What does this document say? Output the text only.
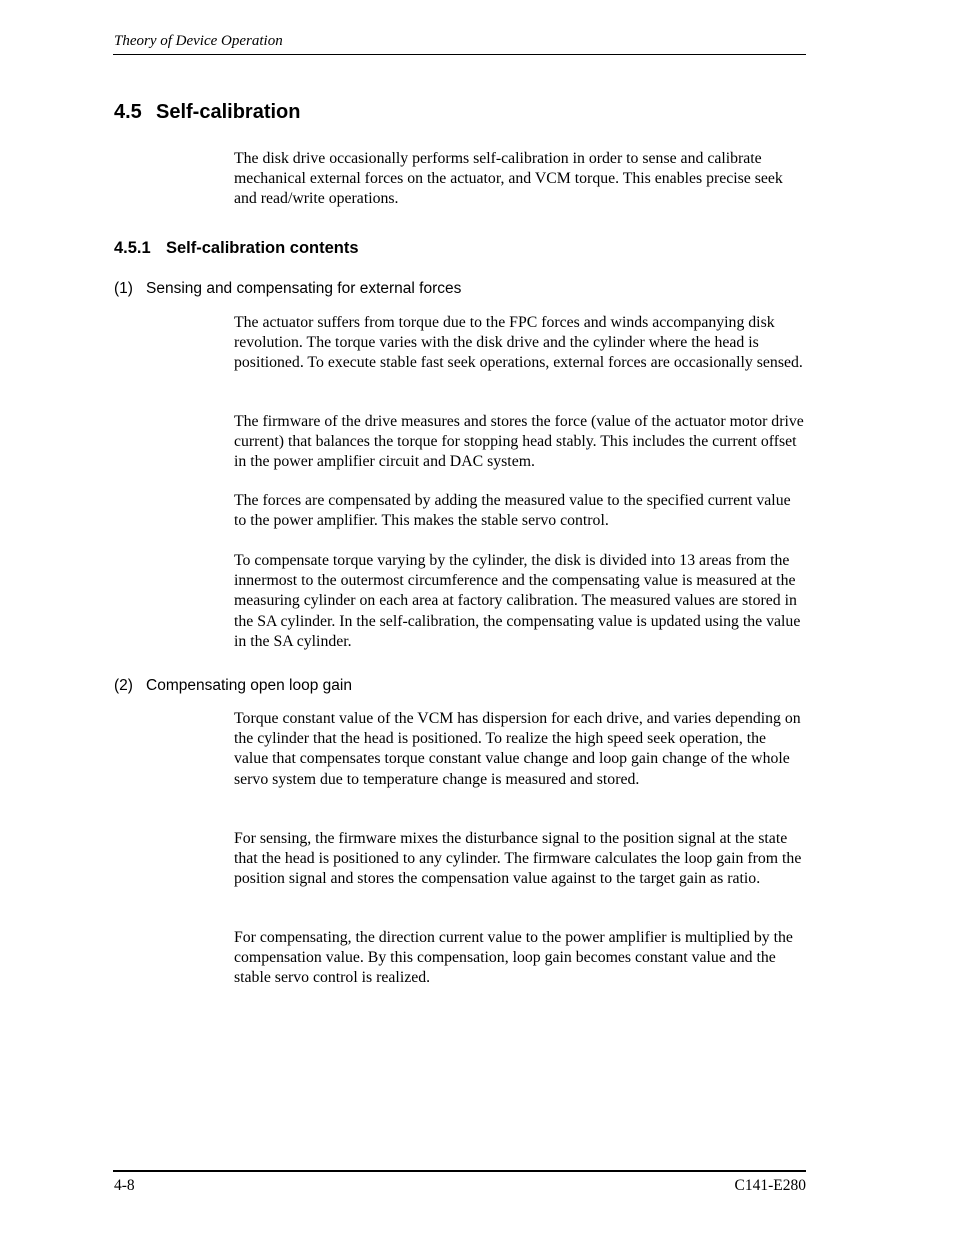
Theory of Device Operation
4.5 Self-calibration

The disk drive occasionally performs self-calibration in order to sense and calibrate mechanical external forces on the actuator, and VCM torque. This enables precise seek and read/write operations.

4.5.1 Self-calibration contents
(1) Sensing and compensating for external forces

The actuator suffers from torque due to the FPC forces and winds accompanying disk revolution. The torque varies with the disk drive and the cylinder where the head is positioned. To execute stable fast seek operations, external forces are occasionally sensed.

The firmware of the drive measures and stores the force (value of the actuator motor drive current) that balances the torque for stopping head stably. This includes the current offset in the power amplifier circuit and DAC system.

The forces are compensated by adding the measured value to the specified current value to the power amplifier. This makes the stable servo control.

To compensate torque varying by the cylinder, the disk is divided into 13 areas from the innermost to the outermost circumference and the compensating value is measured at the measuring cylinder on each area at factory calibration. The measured values are stored in the SA cylinder. In the self-calibration, the compensating value is updated using the value in the SA cylinder.

(2) Compensating open loop gain

Torque constant value of the VCM has dispersion for each drive, and varies depending on the cylinder that the head is positioned. To realize the high speed seek operation, the value that compensates torque constant value change and loop gain change of the whole servo system due to temperature change is measured and stored.

For sensing, the firmware mixes the disturbance signal to the position signal at the state that the head is positioned to any cylinder. The firmware calculates the loop gain from the position signal and stores the compensation value against to the target gain as ratio.

For compensating, the direction current value to the power amplifier is multiplied by the compensation value. By this compensation, loop gain becomes constant value and the stable servo control is realized.

4-8	C141-E280
